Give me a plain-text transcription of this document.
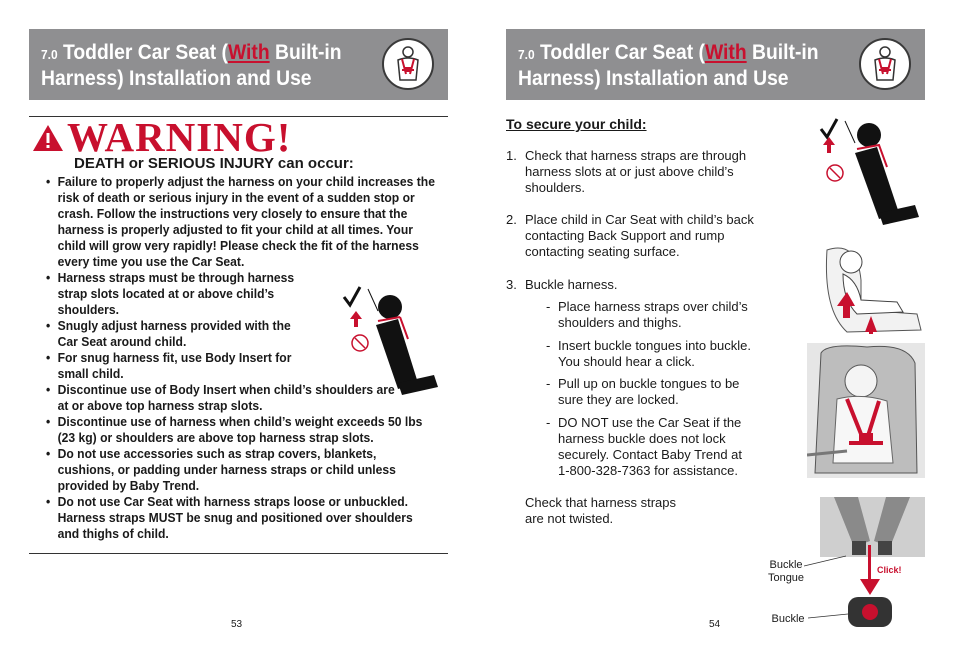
7.0 Toddler Car Seat (With Built-in
Harness) Installation and Use
7.0 Toddler Car Seat (With Built-in
Harness) Installation and Use
WARNING!
DEATH or SERIOUS INJURY can occur:
• Failure to properly adjust the harness on your child increases the risk of death or serious injury in the event of a sudden stop or crash. Follow the instructions very closely to ensure that the harness is properly adjusted to fit your child at all times. Your child will grow very rapidly! Please check the fit of the harness every time you use the Car Seat.
• Harness straps must be through harness strap slots located at or above child’s shoulders.
• Snugly adjust harness provided with the Car Seat around child.
• For snug harness fit, use Body Insert for small child.
• Discontinue use of Body Insert when child’s shoulders are at or above top harness strap slots.
• Discontinue use of harness when child’s weight exceeds 50 lbs (23 kg) or shoulders are above top harness strap slots.
• Do not use accessories such as strap covers, blankets, cushions, or padding under harness straps or child unless provided by Baby Trend.
• Do not use Car Seat with harness straps loose or unbuckled. Harness straps MUST be snug and positioned over shoulders and thighs of child.
53
To secure your child:
1. Check that harness straps are through harness slots at or just above child’s shoulders.
2. Place child in Car Seat with child’s back contacting Back Support and rump contacting seating surface.
3. Buckle harness.
- Place harness straps over child’s shoulders and thighs.
- Insert buckle tongues into buckle. You should hear a click.
- Pull up on buckle tongues to be sure they are locked.
- DO NOT use the Car Seat if the harness buckle does not lock securely. Contact Baby Trend at 1-800-328-7363 for assistance.
Check that harness straps are not twisted.
Buckle Tongue
Buckle
Click!
54
